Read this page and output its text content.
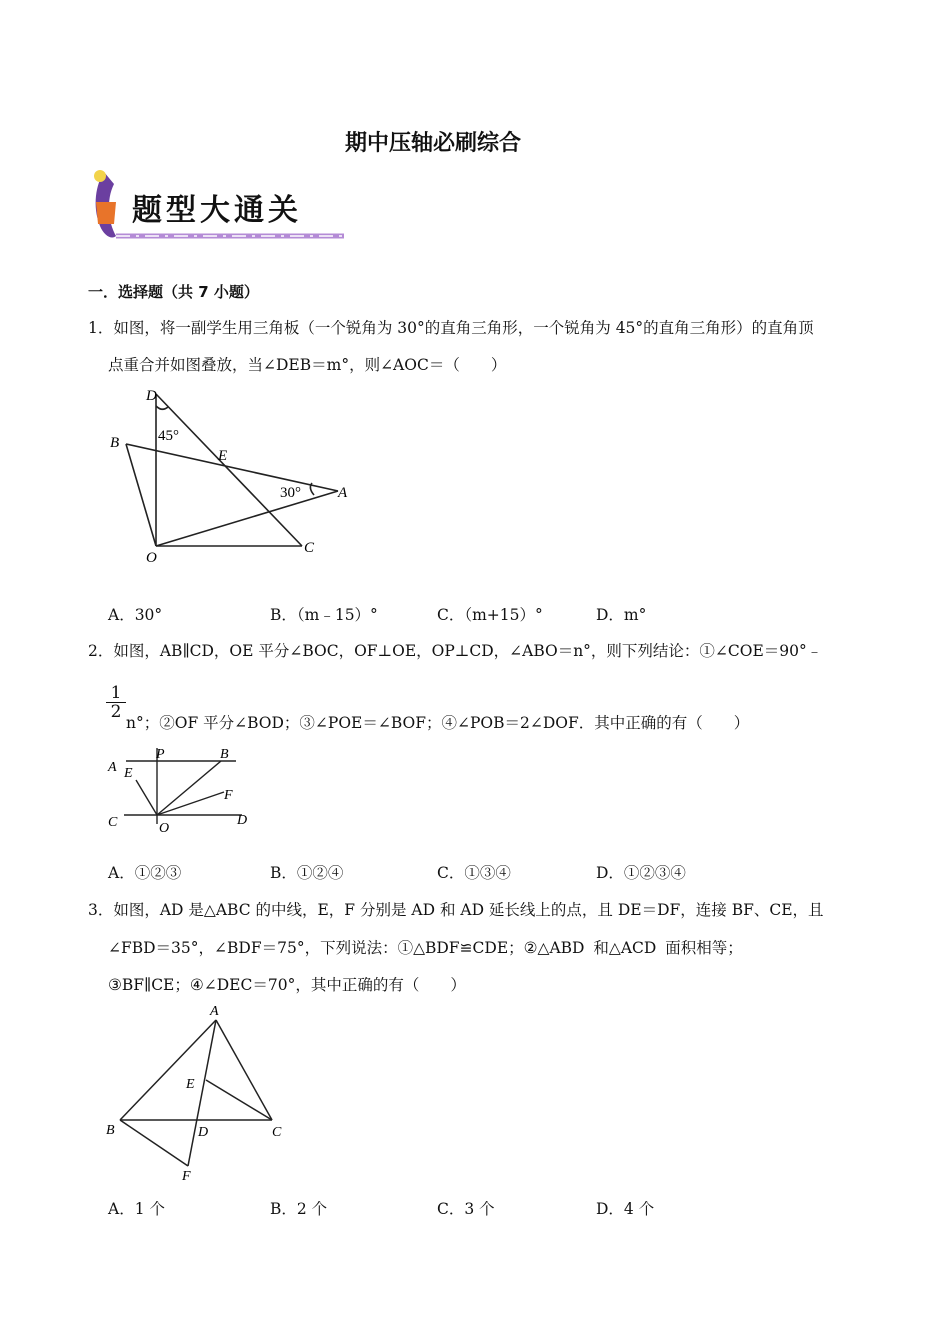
期中压轴必刷综合
题型大通关
一．选择题（共 7 小题）
1．如图，将一副学生用三角板（一个锐角为 30°的直角三角形，一个锐角为 45°的直角三角形）的直角顶
点重合并如图叠放，当∠DEB＝m°，则∠AOC＝（　　）
D
45°
B
E
30° A
O
C
A．30°	B．（m﹣15）°	C．（m+15）°	D．m°
2．如图，AB∥CD，OE 平分∠BOC，OF⊥OE，OP⊥CD，∠ABO＝n°，则下列结论：①∠COE＝90°﹣
$\frac{1}{2}$
n°；②OF 平分∠BOD；③∠POE＝∠BOF；④∠POB＝2∠DOF．其中正确的有（　　）
P	B
A E
F
C	O
D
A．①②③	B．①②④	C．①③④	D．①②③④
3．如图，AD 是△ABC 的中线，E，F 分别是 AD 和 AD 延长线上的点，且 DE＝DF，连接 BF、CE，且
∠FBD＝35°，∠BDF＝75°，下列说法：①△BDF≌CDE；②△ABD 和△ACD 面积相等；
③BF∥CE；④∠DEC＝70°，其中正确的有（　　）
A
E
B	D	C
F
A．1 个	B．2 个	C．3 个	D．4 个
